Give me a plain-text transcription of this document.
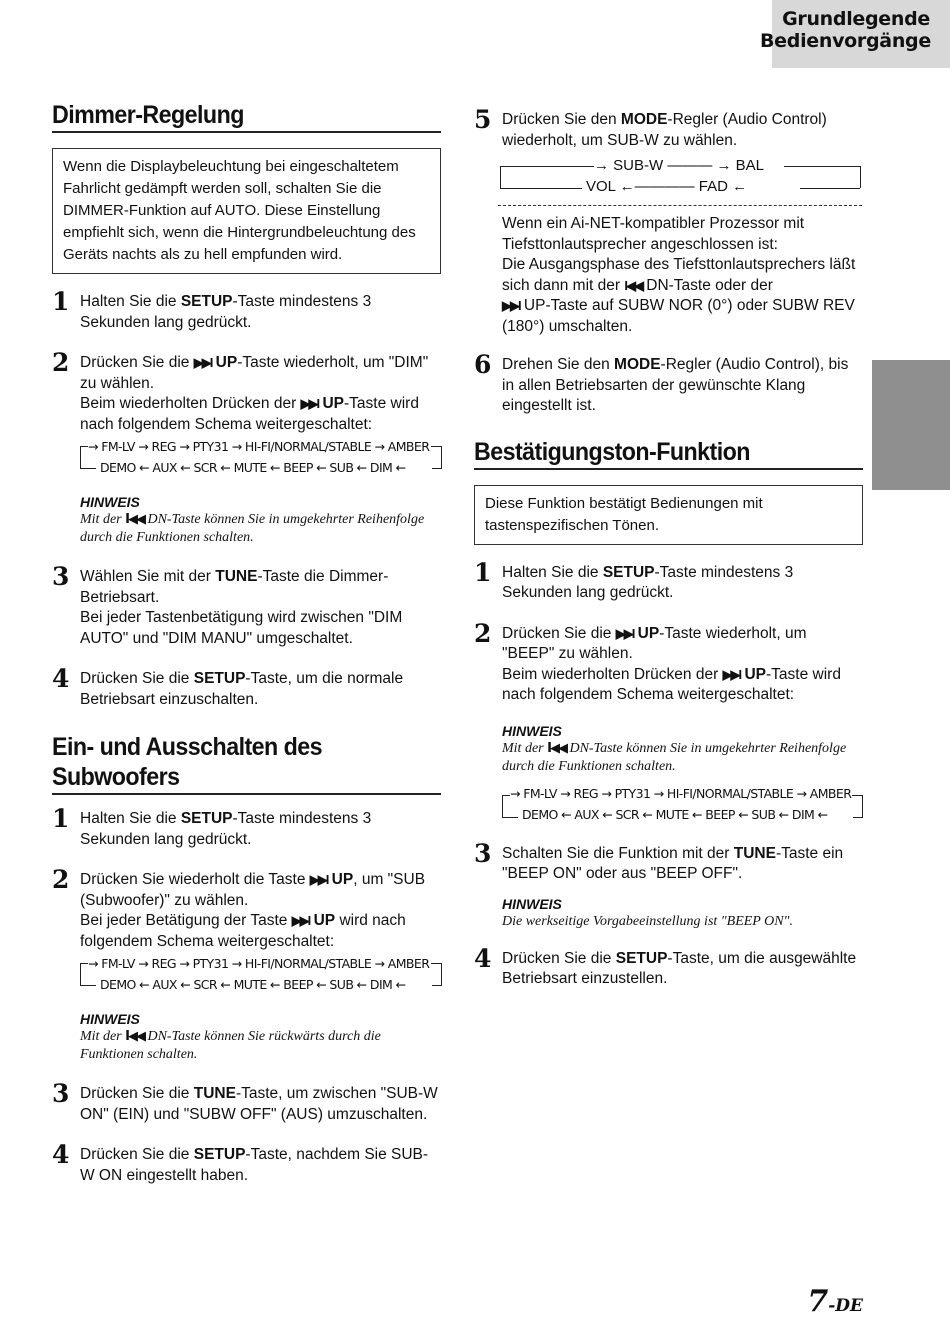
Grundlegende
Bedienvorgänge
Dimmer-Regelung
Wenn die Displaybeleuchtung bei eingeschaltetem Fahrlicht gedämpft werden soll, schalten Sie die DIMMER-Funktion auf AUTO. Diese Einstellung empfiehlt sich, wenn die Hintergrundbeleuchtung des Geräts nachts als zu hell empfunden wird.
1 Halten Sie die SETUP-Taste mindestens 3 Sekunden lang gedrückt.
2 Drücken Sie die ▶▶I UP-Taste wiederholt, um "DIM" zu wählen.
Beim wiederholten Drücken der ▶▶I UP-Taste wird nach folgendem Schema weitergeschaltet:
→ FM-LV → REG → PTY31 → HI-FI/NORMAL/STABLE → AMBER
DEMO ← AUX ← SCR ← MUTE ← BEEP ← SUB ← DIM ←
HINWEIS
Mit der I◀◀ DN-Taste können Sie in umgekehrter Reihenfolge durch die Funktionen schalten.
3 Wählen Sie mit der TUNE-Taste die Dimmer-Betriebsart.
Bei jeder Tastenbetätigung wird zwischen "DIM AUTO" und "DIM MANU" umgeschaltet.
4 Drücken Sie die SETUP-Taste, um die normale Betriebsart einzuschalten.
Ein- und Ausschalten des
Subwoofers
1 Halten Sie die SETUP-Taste mindestens 3 Sekunden lang gedrückt.
2 Drücken Sie wiederholt die Taste ▶▶I UP, um "SUB (Subwoofer)" zu wählen.
Bei jeder Betätigung der Taste ▶▶I UP wird nach folgendem Schema weitergeschaltet:
→ FM-LV → REG → PTY31 → HI-FI/NORMAL/STABLE → AMBER
DEMO ← AUX ← SCR ← MUTE ← BEEP ← SUB ← DIM ←
HINWEIS
Mit der I◀◀ DN-Taste können Sie rückwärts durch die Funktionen schalten.
3 Drücken Sie die TUNE-Taste, um zwischen "SUB-W ON" (EIN) und "SUBW OFF" (AUS) umzuschalten.
4 Drücken Sie die SETUP-Taste, nachdem Sie SUB-W ON eingestellt haben.
5 Drücken Sie den MODE-Regler (Audio Control) wiederholt, um SUB-W zu wählen.
→ SUB-W ——— → BAL
VOL ←———— FAD ←
Wenn ein Ai-NET-kompatibler Prozessor mit Tiefsttonlautsprecher angeschlossen ist:
Die Ausgangsphase des Tiefsttonlautsprechers läßt sich dann mit der I◀◀ DN-Taste oder der
▶▶I UP-Taste auf SUBW NOR (0°) oder SUBW REV (180°) umschalten.
6 Drehen Sie den MODE-Regler (Audio Control), bis in allen Betriebsarten der gewünschte Klang eingestellt ist.
Bestätigungston-Funktion
Diese Funktion bestätigt Bedienungen mit tastenspezifischen Tönen.
1 Halten Sie die SETUP-Taste mindestens 3 Sekunden lang gedrückt.
2 Drücken Sie die ▶▶I UP-Taste wiederholt, um "BEEP" zu wählen.
Beim wiederholten Drücken der ▶▶I UP-Taste wird nach folgendem Schema weitergeschaltet:
HINWEIS
Mit der I◀◀ DN-Taste können Sie in umgekehrter Reihenfolge durch die Funktionen schalten.
→ FM-LV → REG → PTY31 → HI-FI/NORMAL/STABLE → AMBER
DEMO ← AUX ← SCR ← MUTE ← BEEP ← SUB ← DIM ←
3 Schalten Sie die Funktion mit der TUNE-Taste ein "BEEP ON" oder aus "BEEP OFF".
HINWEIS
Die werkseitige Vorgabeeinstellung ist "BEEP ON".
4 Drücken Sie die SETUP-Taste, um die ausgewählte Betriebsart einzustellen.
7-DE
